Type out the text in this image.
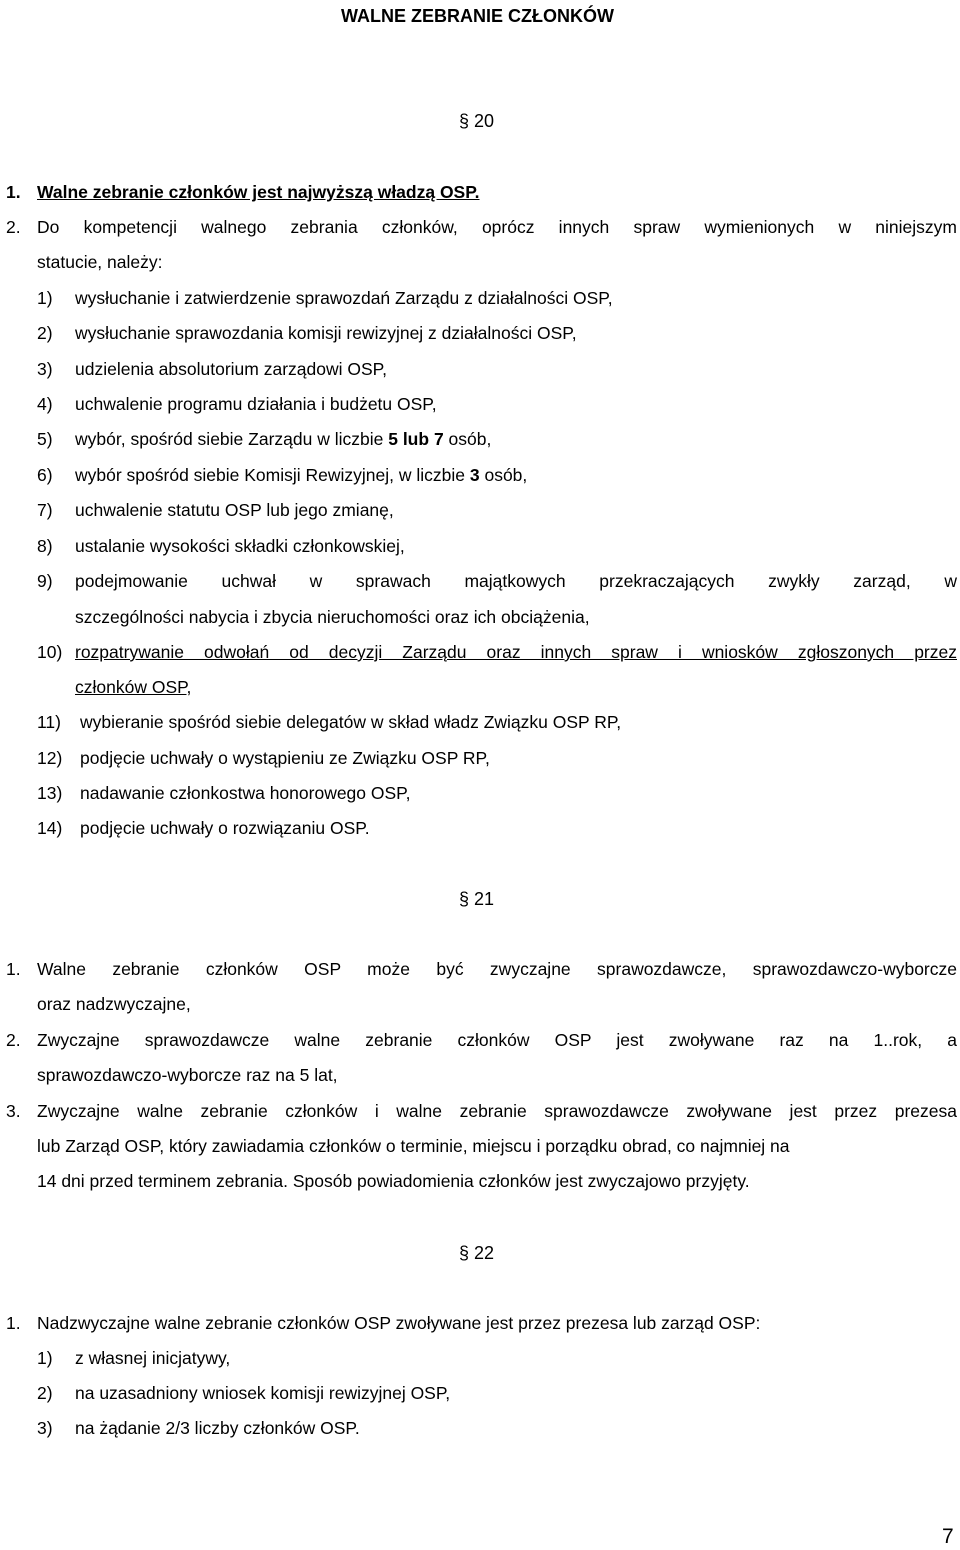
WALNE ZEBRANIE CZŁONKÓW
§ 20
1. Walne zebranie członków jest najwyższą władzą OSP.
2. Do kompetencji walnego zebrania członków, oprócz innych spraw wymienionych w niniejszym
statucie, należy:
1) wysłuchanie i zatwierdzenie sprawozdań Zarządu z działalności OSP,
2) wysłuchanie sprawozdania komisji rewizyjnej z działalności OSP,
3) udzielenia absolutorium zarządowi OSP,
4) uchwalenie programu działania i budżetu OSP,
5) wybór, spośród siebie Zarządu w liczbie 5 lub 7 osób,
6) wybór spośród siebie Komisji Rewizyjnej, w liczbie 3 osób,
7) uchwalenie statutu OSP lub jego zmianę,
8) ustalanie wysokości składki członkowskiej,
9) podejmowanie uchwał w sprawach majątkowych przekraczających zwykły zarząd, w
szczególności nabycia i zbycia nieruchomości oraz ich obciążenia,
10) rozpatrywanie odwołań od decyzji Zarządu oraz innych spraw i wniosków zgłoszonych przez
członków OSP,
11) wybieranie spośród siebie delegatów w skład władz Związku OSP RP,
12) podjęcie uchwały o wystąpieniu ze Związku OSP RP,
13) nadawanie członkostwa honorowego OSP,
14) podjęcie uchwały o rozwiązaniu OSP.
§ 21
1. Walne zebranie członków OSP może być zwyczajne sprawozdawcze, sprawozdawczo-wyborcze
oraz nadzwyczajne,
2. Zwyczajne sprawozdawcze walne zebranie członków OSP jest zwoływane raz na 1..rok, a
sprawozdawczo-wyborcze raz na 5 lat,
3. Zwyczajne walne zebranie członków i walne zebranie sprawozdawcze zwoływane jest przez prezesa
lub Zarząd OSP, który zawiadamia członków o terminie, miejscu i porządku obrad, co najmniej na
14 dni przed terminem zebrania. Sposób powiadomienia członków jest zwyczajowo przyjęty.
§ 22
1. Nadzwyczajne walne zebranie członków OSP zwoływane jest przez prezesa lub zarząd OSP:
1) z własnej inicjatywy,
2) na uzasadniony wniosek komisji rewizyjnej OSP,
3) na żądanie 2/3 liczby członków OSP.
7
